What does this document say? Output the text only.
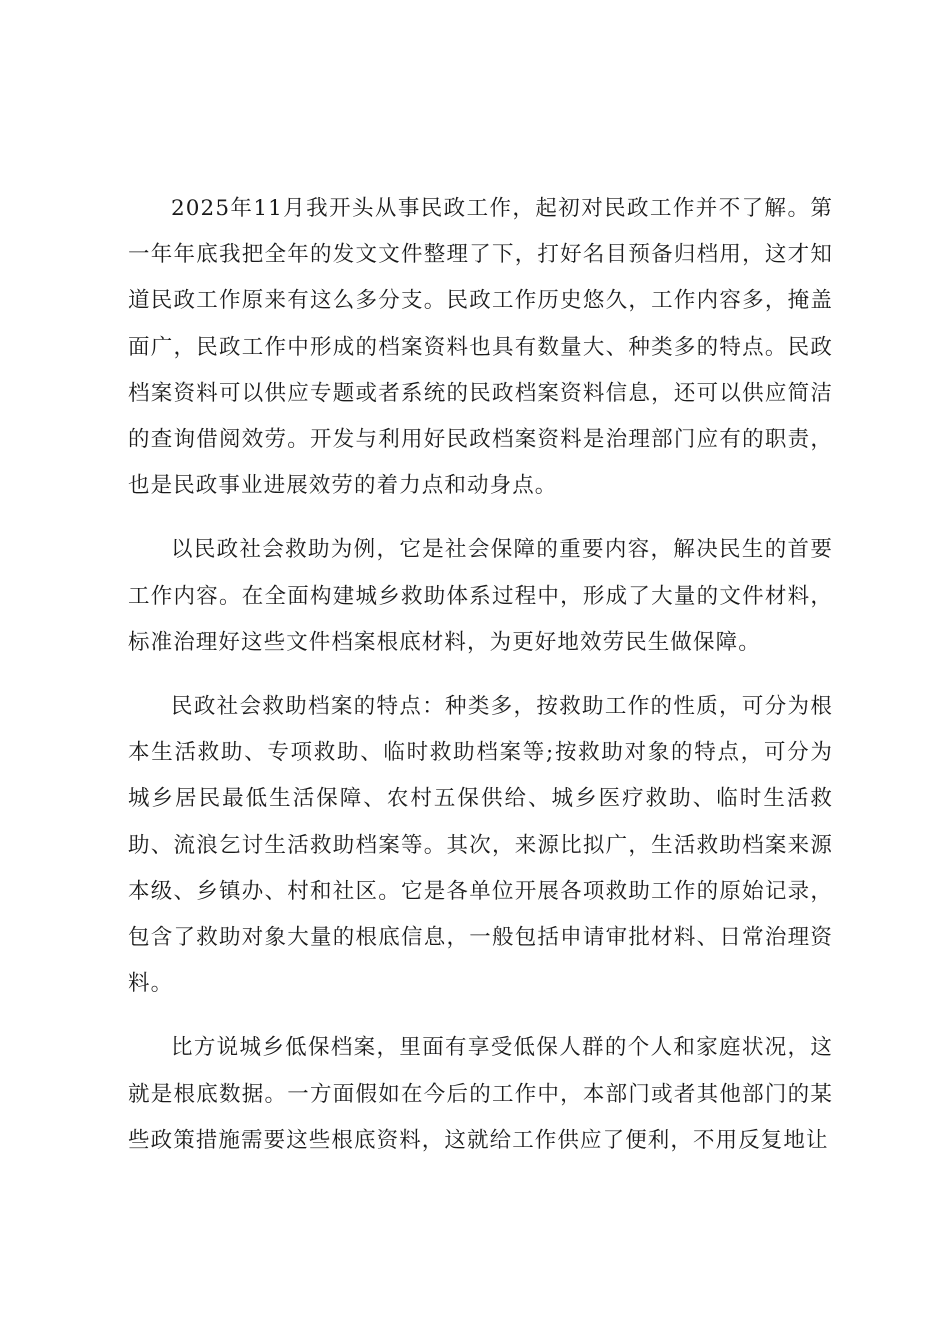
2025年11月我开头从事民政工作，起初对民政工作并不了解。第一年年底我把全年的发文文件整理了下，打好名目预备归档用，这才知道民政工作原来有这么多分支。民政工作历史悠久，工作内容多，掩盖面广，民政工作中形成的档案资料也具有数量大、种类多的特点。民政档案资料可以供应专题或者系统的民政档案资料信息，还可以供应简洁的查询借阅效劳。开发与利用好民政档案资料是治理部门应有的职责，也是民政事业进展效劳的着力点和动身点。

以民政社会救助为例，它是社会保障的重要内容，解决民生的首要工作内容。在全面构建城乡救助体系过程中，形成了大量的文件材料，标准治理好这些文件档案根底材料，为更好地效劳民生做保障。

民政社会救助档案的特点：种类多，按救助工作的性质，可分为根本生活救助、专项救助、临时救助档案等;按救助对象的特点，可分为城乡居民最低生活保障、农村五保供给、城乡医疗救助、临时生活救助、流浪乞讨生活救助档案等。其次，来源比拟广，生活救助档案来源本级、乡镇办、村和社区。它是各单位开展各项救助工作的原始记录，包含了救助对象大量的根底信息，一般包括申请审批材料、日常治理资料。

比方说城乡低保档案，里面有享受低保人群的个人和家庭状况，这就是根底数据。一方面假如在今后的工作中，本部门或者其他部门的某些政策措施需要这些根底资料，这就给工作供应了便利，不用反复地让
